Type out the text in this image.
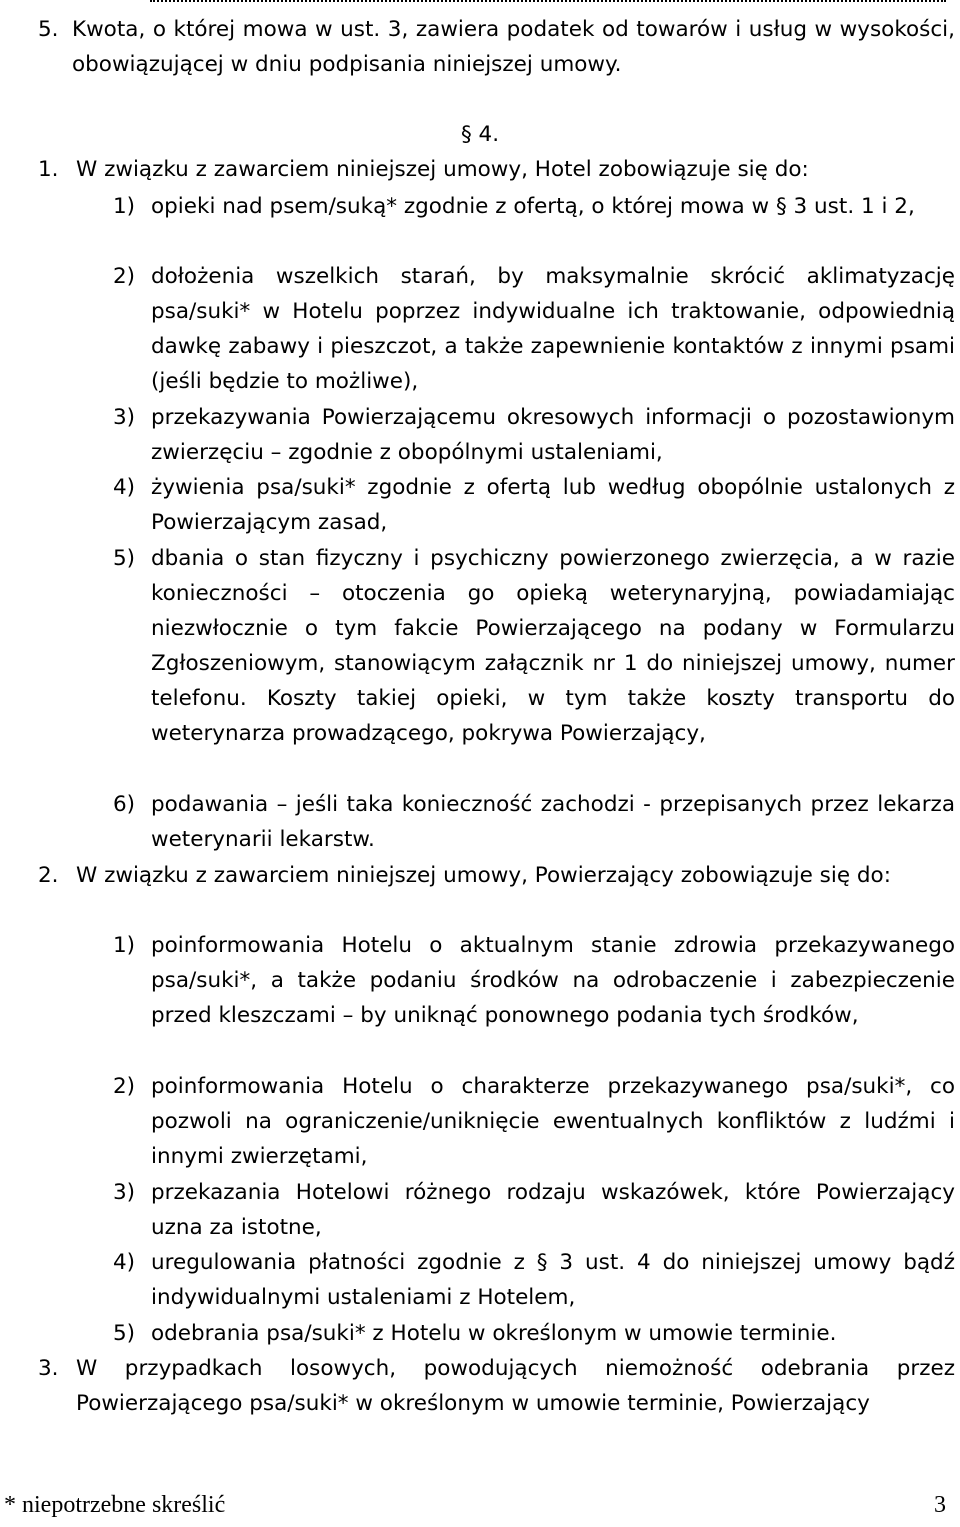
5. Kwota, o której mowa w ust. 3, zawiera podatek od towarów i usług w wysokości, obowiązującej w dniu podpisania niniejszej umowy.
§ 4.
1. W związku z zawarciem niniejszej umowy, Hotel zobowiązuje się do:
1) opieki nad psem/suką* zgodnie z ofertą, o której mowa w § 3 ust. 1 i 2,
2) dołożenia wszelkich starań, by maksymalnie skrócić aklimatyzację psa/suki* w Hotelu poprzez indywidualne ich traktowanie, odpowiednią dawkę zabawy i pieszczot, a także zapewnienie kontaktów z innymi psami (jeśli będzie to możliwe),
3) przekazywania Powierzającemu okresowych informacji o pozostawionym zwierzęciu – zgodnie z obopólnymi ustaleniami,
4) żywienia psa/suki* zgodnie z ofertą lub według obopólnie ustalonych z Powierzającym zasad,
5) dbania o stan fizyczny i psychiczny powierzonego zwierzęcia, a w razie konieczności – otoczenia go opieką weterynaryjną, powiadamiając niezwłocznie o tym fakcie Powierzającego na podany w Formularzu Zgłoszeniowym, stanowiącym załącznik nr 1 do niniejszej umowy, numer telefonu. Koszty takiej opieki, w tym także koszty transportu do weterynarza prowadzącego, pokrywa Powierzający,
6) podawania – jeśli taka konieczność zachodzi - przepisanych przez lekarza weterynarii lekarstw.
2. W związku z zawarciem niniejszej umowy, Powierzający zobowiązuje się do:
1) poinformowania Hotelu o aktualnym stanie zdrowia przekazywanego psa/suki*, a także podaniu środków na odrobaczenie i zabezpieczenie przed kleszczami – by uniknąć ponownego podania tych środków,
2) poinformowania Hotelu o charakterze przekazywanego psa/suki*, co pozwoli na ograniczenie/uniknięcie ewentualnych konfliktów z ludźmi i innymi zwierzętami,
3) przekazania Hotelowi różnego rodzaju wskazówek, które Powierzający uzna za istotne,
4) uregulowania płatności zgodnie z § 3 ust. 4 do niniejszej umowy bądź indywidualnymi ustaleniami z Hotelem,
5) odebrania psa/suki* z Hotelu w określonym w umowie terminie.
3. W przypadkach losowych, powodujących niemożność odebrania przez Powierzającego psa/suki* w określonym w umowie terminie, Powierzający
* niepotrzebne skreślić	3
